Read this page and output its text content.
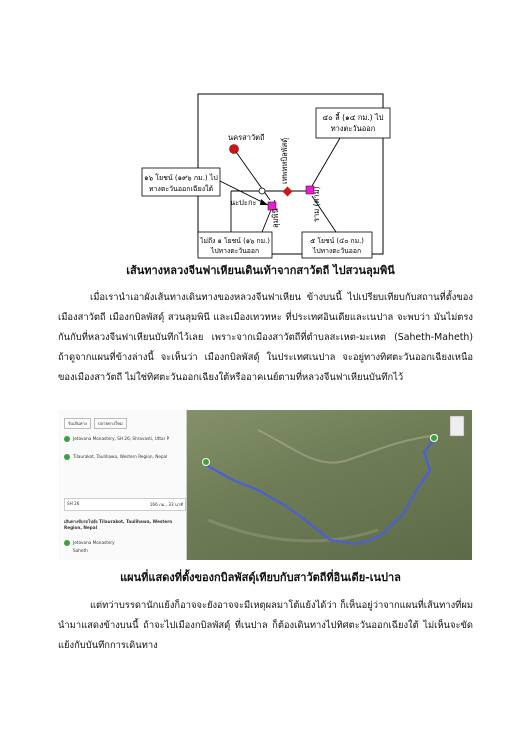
๔๐ ลี้ (๑๔ กม.) ไป
ทางตะวันออก
๑๖ โยชน์ (๑๙๖ กม.) ไป
ทางตะวันออกเฉียงใต้
ไม่ถึง ๑ โยชน์ (๑๖ กม.)
ไปทางตะวันออก
๕ โยชน์ (๔๐ กม.)
ไปทางตะวันออก
นครสาวัตถี
เทพทหบิลพัสดุ์
ลุมพินี	ราม (คาม)
นะปะกะ
เส้นทางหลวงจีนฟาเหียนเดินเท้าจากสาวัตถี ไปสวนลุมพินี

เมื่อเรานำเอาผังเส้นทางเดินทางของหลวงจีนฟาเหียน ข้างบนนี้ ไปเปรียบเทียบกับสถานที่ตั้งของเมืองสาวัตถี เมืองกบิลพัสดุ์ สวนลุมพินี และเมืองเทวทหะ ที่ประเทศอินเดียและเนปาล จะพบว่า มันไม่ตรงกันกับที่หลวงจีนฟาเหียนบันทึกไว้เลย เพราะจากเมืองสาวัตถีที่ตำบลสะเหต-มะเหต (Saheth-Maheth) ถ้าดูจากแผนที่ข้างล่างนี้ จะเห็นว่า เมืองกบิลพัสดุ์ ในประเทศเนปาล จะอยู่ทางทิศตะวันออกเฉียงเหนือ ของเมืองสาวัตถี ไม่ใช่ทิศตะวันออกเฉียงใต้หรืออาคเนย์ตามที่หลวงจีนฟาเหียนบันทึกไว้

รับเส้นทาง	ปลายทางใหม่
Jetavana Monastery, SH 26, Shravasti, Uttar P
Tilaurakot, Taulihawa, Western Region, Nepal
SH 26	166 กม., 33 นาที
เส้นทางขับรถไปยัง Tilaurakot, Taulihawa, Western Region, Nepal
Jetavana Monastery
Saheth
แผนที่แสดงที่ตั้งของกบิลพัสดุ์เทียบกับสาวัตถีที่อินเดีย-เนปาล

แต่ทว่าบรรดานักแย้งก็อาจจะยังอาจจะมีเหตุผลมาโต้แย้งได้ว่า ก็เห็นอยู่ว่าจากแผนที่เส้นทางที่ผมนำมาแสดงข้างบนนี้ ถ้าจะไปเมืองกบิลพัสดุ์ ที่เนปาล ก็ต้องเดินทางไปทิศตะวันออกเฉียงใต้ ไม่เห็นจะขัดแย้งกับบันทึกการเดินทาง
